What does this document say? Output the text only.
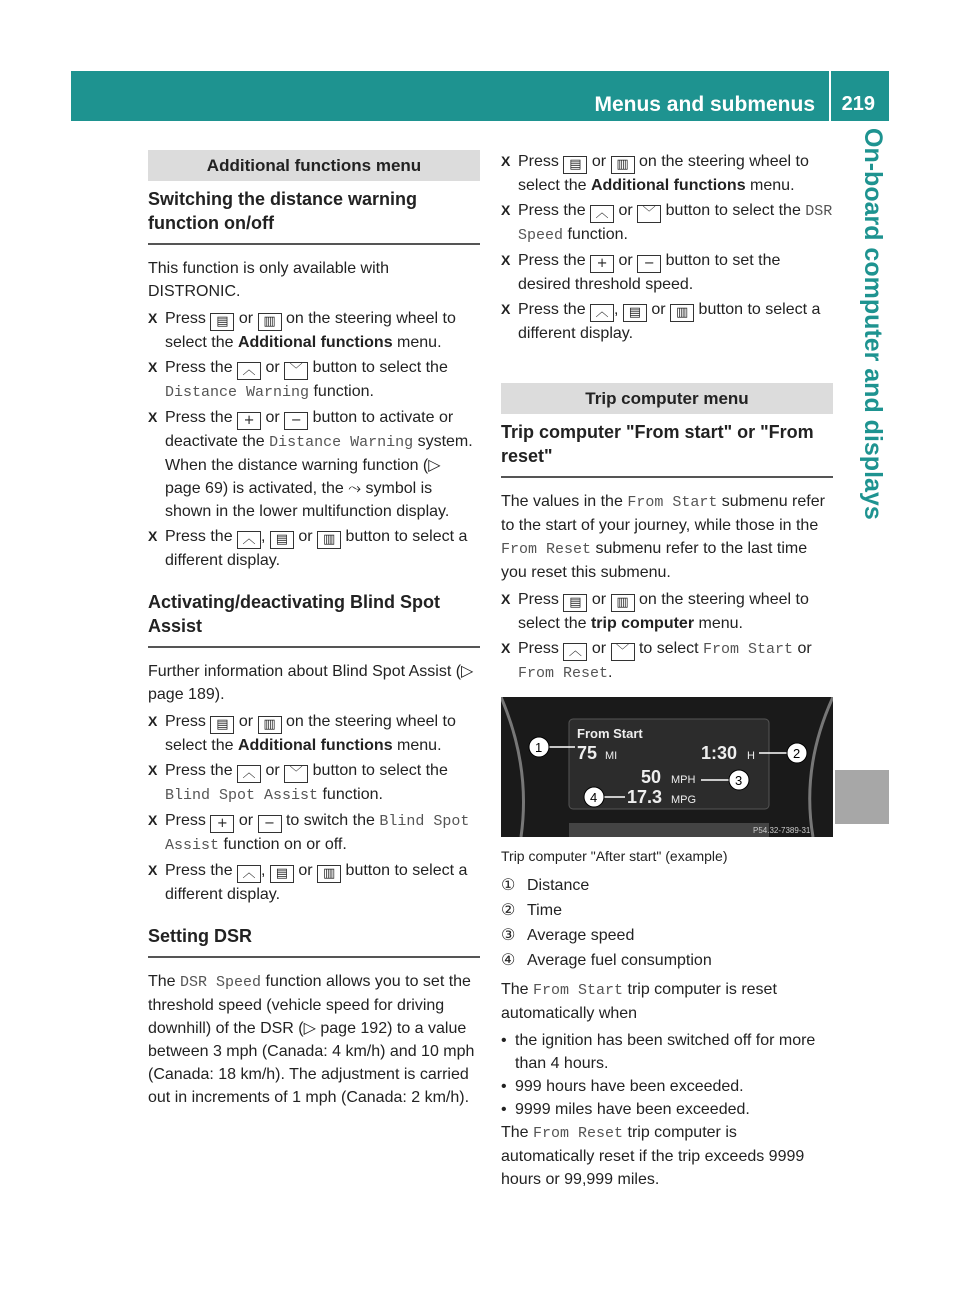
Menus and submenus 219
On-board computer and displays
Additional functions menu
Switching the distance warning function on/off

This function is only available with DISTRONIC.

X Press ▤ or ▥ on the steering wheel to select the Additional functions menu.
X Press the ︿ or ﹀ button to select the Distance Warning function.
X Press the + or − button to activate or deactivate the Distance Warning system.
When the distance warning function (▷ page 69) is activated, the ⤳ symbol is shown in the lower multifunction display.
X Press the ︿ , ▤ or ▥ button to select a different display.
Activating/deactivating Blind Spot Assist

Further information about Blind Spot Assist (▷ page 189).

X Press ▤ or ▥ on the steering wheel to select the Additional functions menu.
X Press the ︿ or ﹀ button to select the Blind Spot Assist function.
X Press + or − to switch the Blind Spot Assist function on or off.
X Press the ︿ , ▤ or ▥ button to select a different display.
Setting DSR

The DSR Speed function allows you to set the threshold speed (vehicle speed for driving downhill) of the DSR (▷ page 192) to a value between 3 mph (Canada: 4 km/h) and 10 mph (Canada: 18 km/h). The adjustment is carried out in increments of 1 mph (Canada: 2 km/h).

X Press ▤ or ▥ on the steering wheel to select the Additional functions menu.
X Press the ︿ or ﹀ button to select the DSR Speed function.
X Press the + or − button to set the desired threshold speed.
X Press the ︿ , ▤ or ▥ button to select a different display.
Trip computer menu
Trip computer "From start" or "From reset"

The values in the From Start submenu refer to the start of your journey, while those in the From Reset submenu refer to the last time you reset this submenu.

X Press ▤ or ▥ on the steering wheel to select the trip computer menu.
X Press ︿ or ﹀ to select From Start or From Reset.
From Start
75 MI	1:30 H
50 MPH
17.3 MPG
1	2
3
4
P54.32-7389-31
Trip computer "After start" (example)
① Distance
② Time
③ Average speed
④ Average fuel consumption

The From Start trip computer is reset automatically when

• the ignition has been switched off for more than 4 hours.

• 999 hours have been exceeded.

• 9999 miles have been exceeded.

The From Reset trip computer is automatically reset if the trip exceeds 9999 hours or 99,999 miles.
